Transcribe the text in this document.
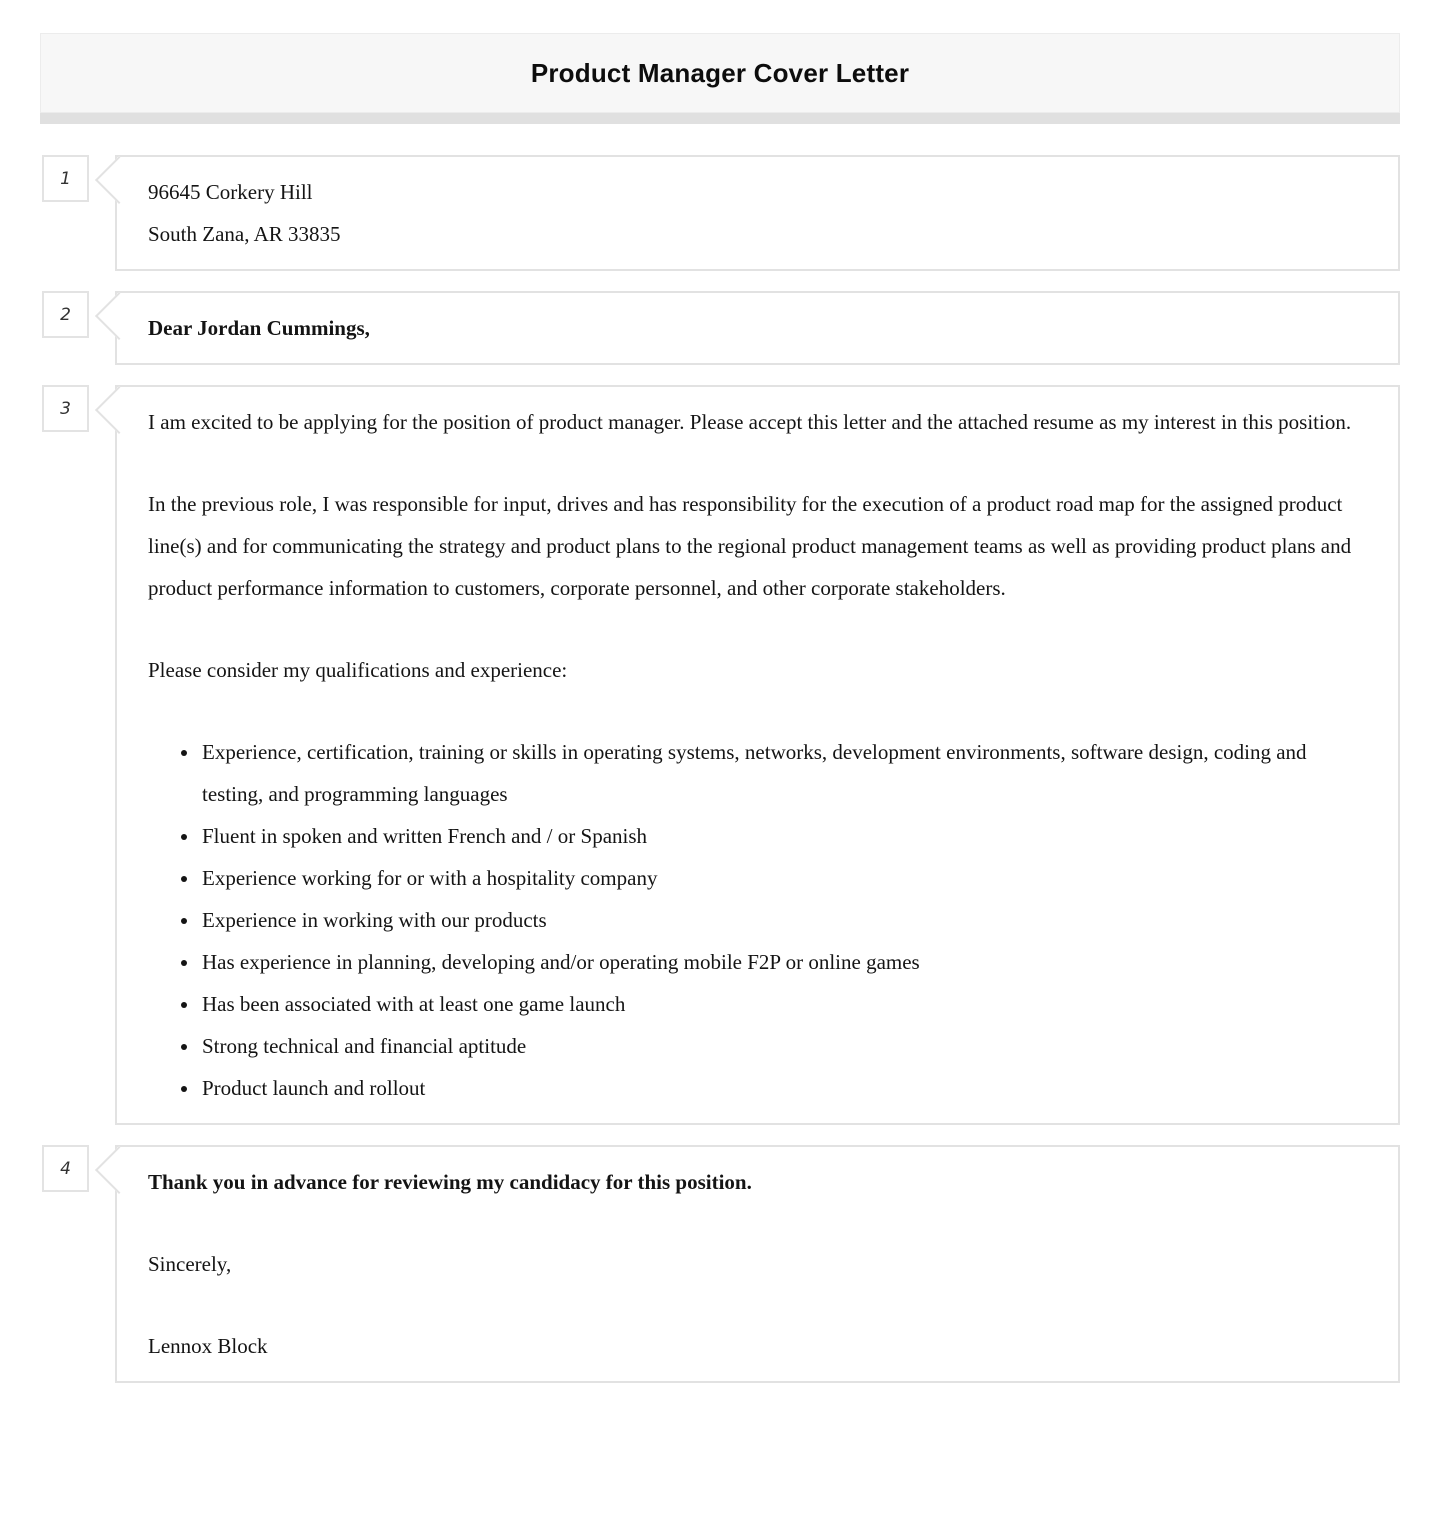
Product Manager Cover Letter
1
96645 Corkery Hill
South Zana, AR 33835
2

Dear Jordan Cummings,

3

I am excited to be applying for the position of product manager. Please accept this letter and the attached resume as my interest in this position.

In the previous role, I was responsible for input, drives and has responsibility for the execution of a product road map for the assigned product line(s) and for communicating the strategy and product plans to the regional product management teams as well as providing product plans and product performance information to customers, corporate personnel, and other corporate stakeholders.

Please consider my qualifications and experience:

• Experience, certification, training or skills in operating systems, networks, development environments, software design, coding and testing, and programming languages
• Fluent in spoken and written French and / or Spanish
• Experience working for or with a hospitality company
• Experience in working with our products
• Has experience in planning, developing and/or operating mobile F2P or online games
• Has been associated with at least one game launch
• Strong technical and financial aptitude
• Product launch and rollout
4

Thank you in advance for reviewing my candidacy for this position.

Sincerely,

Lennox Block
